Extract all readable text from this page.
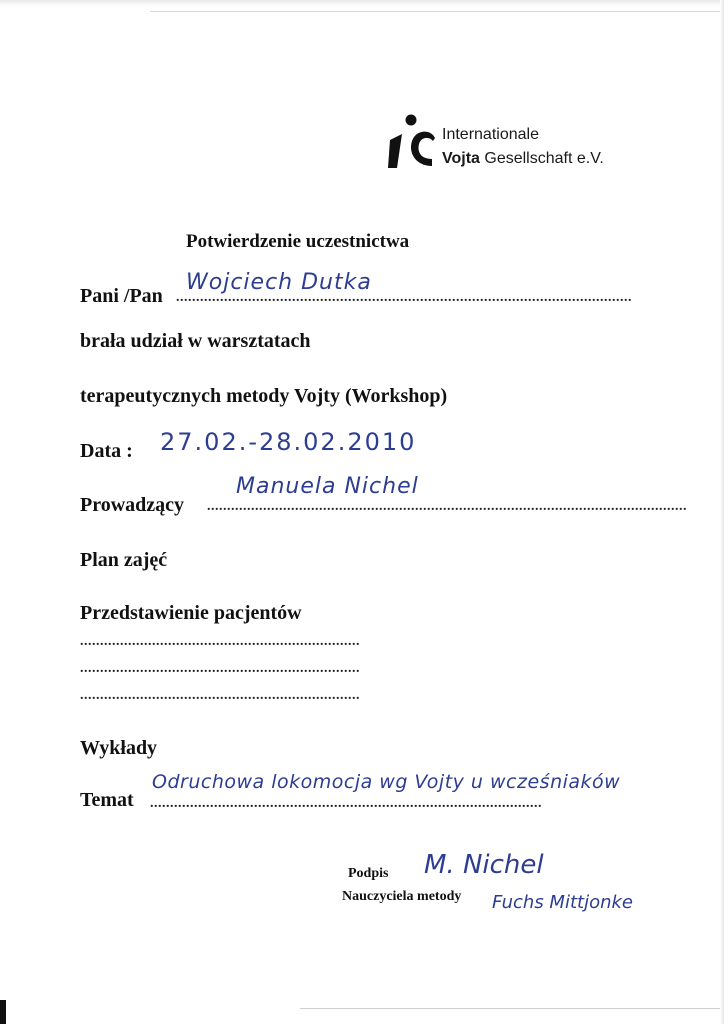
Internationale
Vojta Gesellschaft e.V.
Potwierdzenie uczestnictwa
Pani /Pan ..................................................................................................................
Wojciech Dutka
brała udział w warsztatach
terapeutycznych metody Vojty (Workshop)
Data : 27.02.-28.02.2010
Prowadzący ........................................................................................................................
Manuela Nichel
Plan zajęć
Przedstawienie pacjentów
......................................................................
......................................................................
......................................................................
Wykłady
Temat ..................................................................................................
Odruchowa lokomocja wg Vojty u wcześniaków
Podpis
Nauczyciela metody
M. Nichel
Fuchs Mittjonke
